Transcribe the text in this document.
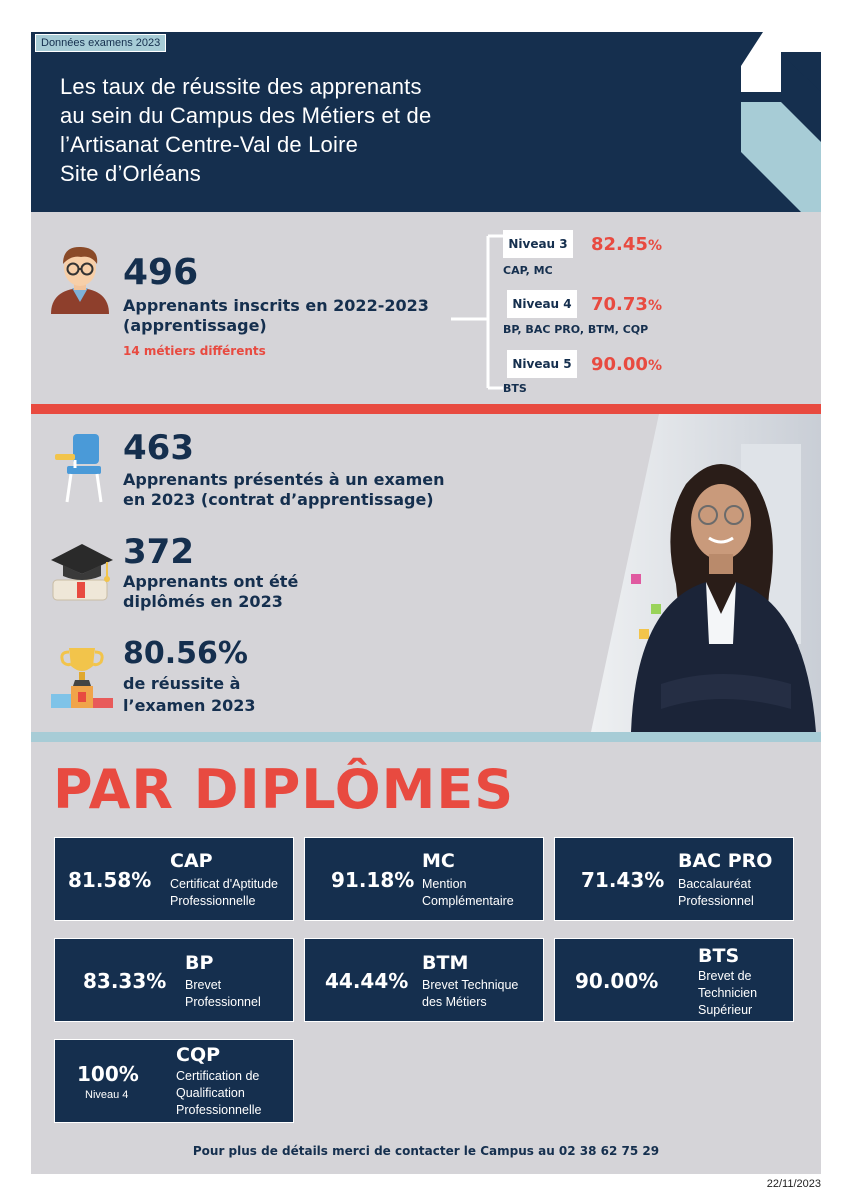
Données examens 2023
Les taux de réussite des apprenants
au sein du Campus des Métiers et de
l’Artisanat Centre-Val de Loire
Site d’Orléans
496
Apprenants inscrits en 2022-2023
(apprentissage)
14 métiers différents
Niveau 3 82.45%
CAP, MC
Niveau 4 70.73%
BP, BAC PRO, BTM, CQP
Niveau 5 90.00%
BTS
463
Apprenants présentés à un examen
en 2023 (contrat d’apprentissage)
372
Apprenants ont été
diplômés en 2023
80.56%
de réussite à
l’examen 2023
PAR DIPLÔMES
81.58%
CAP
Certificat d'Aptitude
Professionnelle
91.18%
MC
Mention
Complémentaire
71.43%
BAC PRO
Baccalauréat
Professionnel
83.33%
BP
Brevet
Professionnel
44.44%
BTM
Brevet Technique
des Métiers
90.00%
BTS
Brevet de
Technicien
Supérieur
100%
Niveau 4
CQP
Certification de
Qualification
Professionnelle
Pour plus de détails merci de contacter le Campus au 02 38 62 75 29
22/11/2023
